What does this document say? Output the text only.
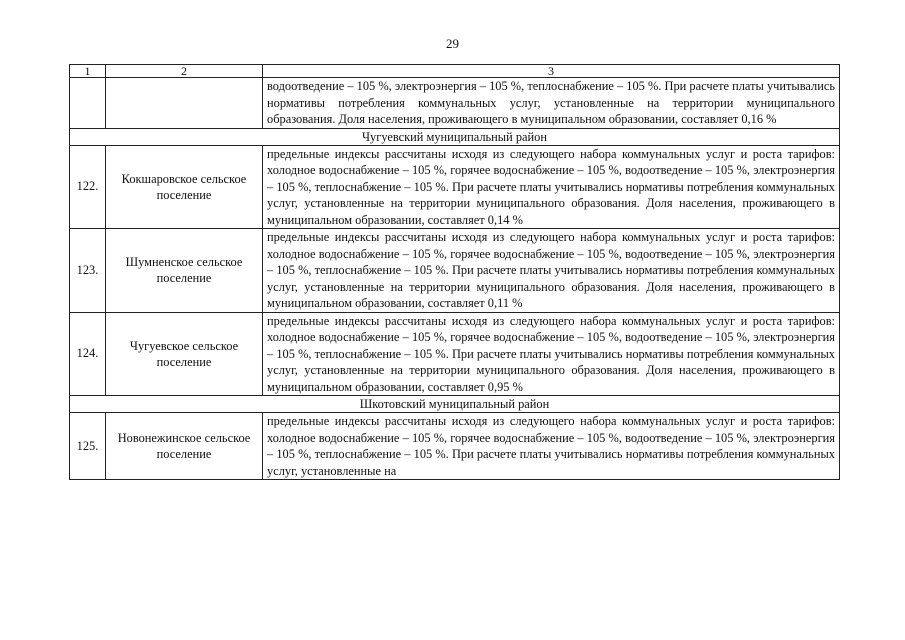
29
1	2	3
		водоотведение – 105 %, электроэнергия – 105 %, теплоснабжение – 105 %. При расчете платы учитывались нормативы потребления коммунальных услуг, установленные на территории муниципального образования. Доля населения, проживающего в муниципальном образовании, составляет 0,16 %
Чугуевский муниципальный район		
122.	Кокшаровское сельское поселение	предельные индексы рассчитаны исходя из следующего набора коммунальных услуг и роста тарифов: холодное водоснабжение – 105 %, горячее водоснабжение – 105 %, водоотведение – 105 %, электроэнергия – 105 %, теплоснабжение – 105 %. При расчете платы учитывались нормативы потребления коммунальных услуг, установленные на территории муниципального образования. Доля населения, проживающего в муниципальном образовании, составляет 0,14 %
123.	Шумненское сельское поселение	предельные индексы рассчитаны исходя из следующего набора коммунальных услуг и роста тарифов: холодное водоснабжение – 105 %, горячее водоснабжение – 105 %, водоотведение – 105 %, электроэнергия – 105 %, теплоснабжение – 105 %. При расчете платы учитывались нормативы потребления коммунальных услуг, установленные на территории муниципального образования. Доля населения, проживающего в муниципальном образовании, составляет 0,11 %
124.	Чугуевское сельское поселение	предельные индексы рассчитаны исходя из следующего набора коммунальных услуг и роста тарифов: холодное водоснабжение – 105 %, горячее водоснабжение – 105 %, водоотведение – 105 %, электроэнергия – 105 %, теплоснабжение – 105 %. При расчете платы учитывались нормативы потребления коммунальных услуг, установленные на территории муниципального образования. Доля населения, проживающего в муниципальном образовании, составляет 0,95 %
Шкотовский муниципальный район		
125.	Новонежинское сельское поселение	предельные индексы рассчитаны исходя из следующего набора коммунальных услуг и роста тарифов: холодное водоснабжение – 105 %, горячее водоснабжение – 105 %, водоотведение – 105 %, электроэнергия – 105 %, теплоснабжение – 105 %. При расчете платы учитывались нормативы потребления коммунальных услуг, установленные на
